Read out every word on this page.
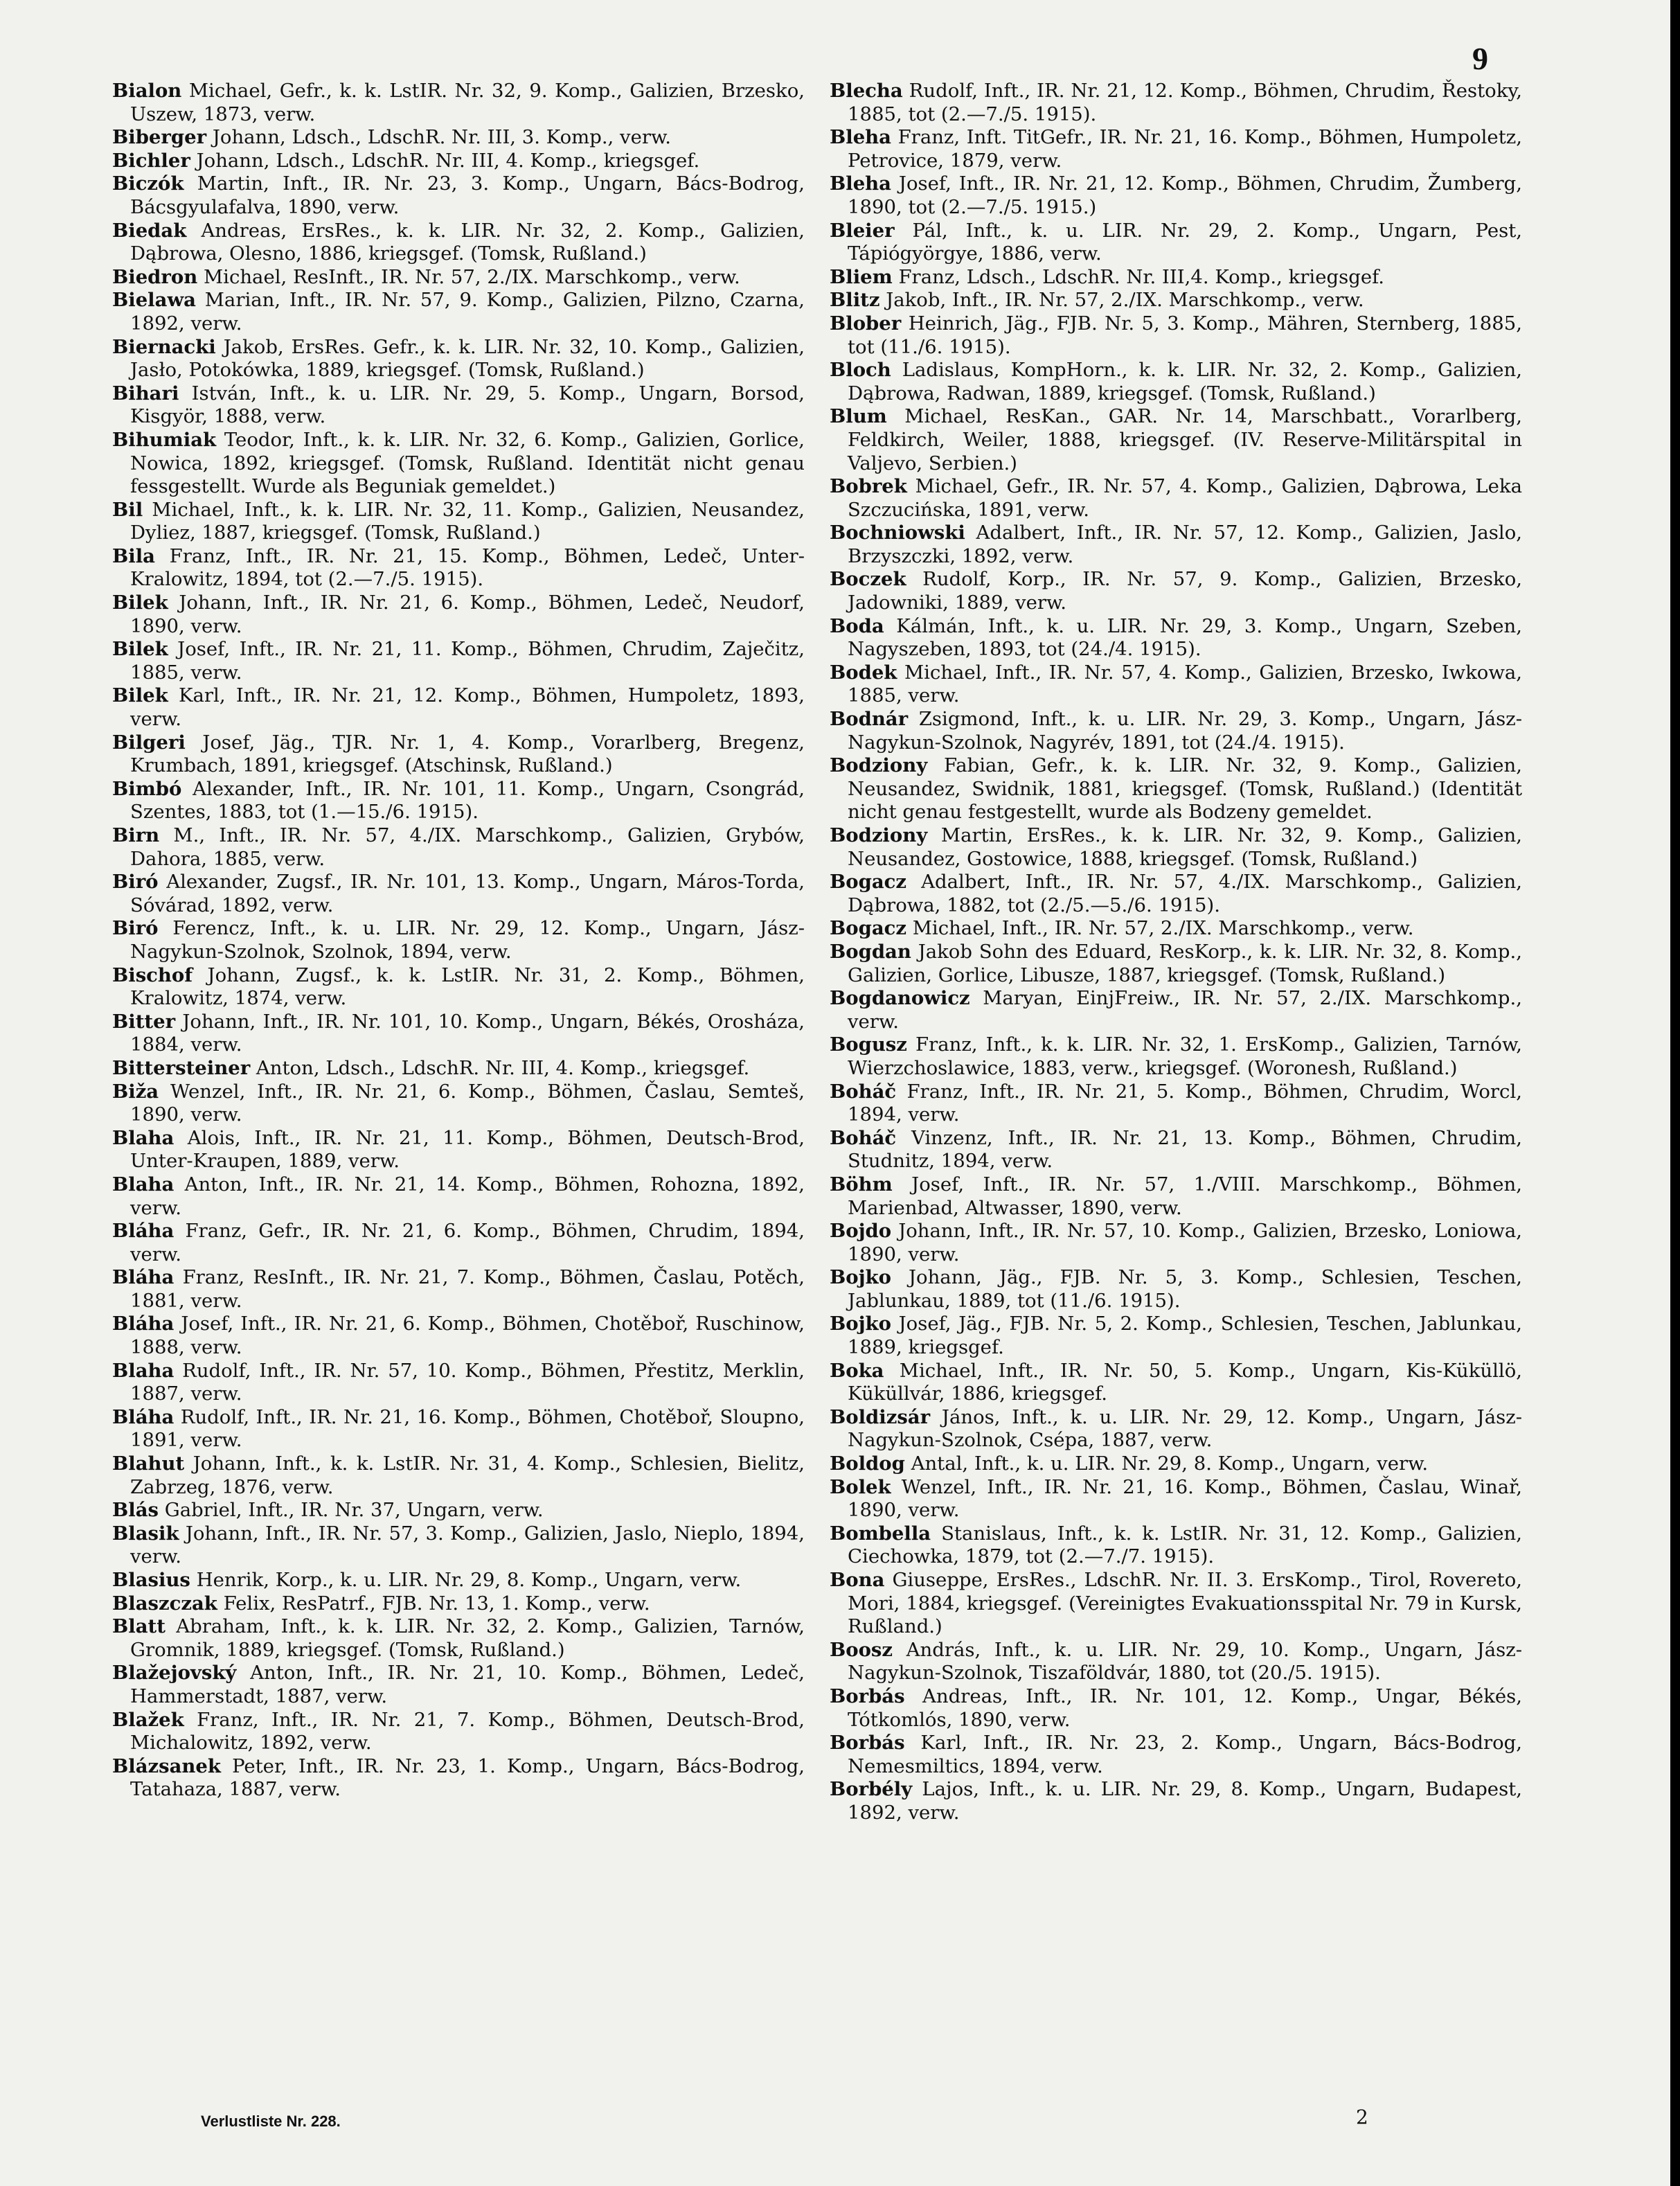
9
Bialon Michael, Gefr., k. k. LstIR. Nr. 32, 9. Komp., Galizien, Brzesko, Uszew, 1873, verw.
Biberger Johann, Ldsch., LdschR. Nr. III, 3. Komp., verw.
Bichler Johann, Ldsch., LdschR. Nr. III, 4. Komp., kriegsgef.
Biczók Martin, Inft., IR. Nr. 23, 3. Komp., Ungarn, Bács-Bodrog, Bácsgyulafalva, 1890, verw.
Biedak Andreas, ErsRes., k. k. LIR. Nr. 32, 2. Komp., Galizien, Dąbrowa, Olesno, 1886, kriegsgef. (Tomsk, Rußland.)
Biedron Michael, ResInft., IR. Nr. 57, 2./IX. Marschkomp., verw.
Bielawa Marian, Inft., IR. Nr. 57, 9. Komp., Galizien, Pilzno, Czarna, 1892, verw.
Biernacki Jakob, ErsRes. Gefr., k. k. LIR. Nr. 32, 10. Komp., Galizien, Jasło, Potokówka, 1889, kriegsgef. (Tomsk, Rußland.)
Bihari István, Inft., k. u. LIR. Nr. 29, 5. Komp., Ungarn, Borsod, Kisgyör, 1888, verw.
Bihumiak Teodor, Inft., k. k. LIR. Nr. 32, 6. Komp., Galizien, Gorlice, Nowica, 1892, kriegsgef. (Tomsk, Rußland. Identität nicht genau fessgestellt. Wurde als Beguniak gemeldet.)
Bil Michael, Inft., k. k. LIR. Nr. 32, 11. Komp., Galizien, Neusandez, Dyliez, 1887, kriegsgef. (Tomsk, Rußland.)
Bila Franz, Inft., IR. Nr. 21, 15. Komp., Böhmen, Ledeč, Unter-Kralowitz, 1894, tot (2.—7./5. 1915).
Bilek Johann, Inft., IR. Nr. 21, 6. Komp., Böhmen, Ledeč, Neudorf, 1890, verw.
Bilek Josef, Inft., IR. Nr. 21, 11. Komp., Böhmen, Chrudim, Zaječitz, 1885, verw.
Bilek Karl, Inft., IR. Nr. 21, 12. Komp., Böhmen, Humpoletz, 1893, verw.
Bilgeri Josef, Jäg., TJR. Nr. 1, 4. Komp., Vorarlberg, Bregenz, Krumbach, 1891, kriegsgef. (Atschinsk, Rußland.)
Bimbó Alexander, Inft., IR. Nr. 101, 11. Komp., Ungarn, Csongrád, Szentes, 1883, tot (1.—15./6. 1915).
Birn M., Inft., IR. Nr. 57, 4./IX. Marschkomp., Galizien, Grybów, Dahora, 1885, verw.
Biró Alexander, Zugsf., IR. Nr. 101, 13. Komp., Ungarn, Máros-Torda, Sóvárad, 1892, verw.
Biró Ferencz, Inft., k. u. LIR. Nr. 29, 12. Komp., Ungarn, Jász-Nagykun-Szolnok, Szolnok, 1894, verw.
Bischof Johann, Zugsf., k. k. LstIR. Nr. 31, 2. Komp., Böhmen, Kralowitz, 1874, verw.
Bitter Johann, Inft., IR. Nr. 101, 10. Komp., Ungarn, Békés, Orosháza, 1884, verw.
Bittersteiner Anton, Ldsch., LdschR. Nr. III, 4. Komp., kriegsgef.
Biža Wenzel, Inft., IR. Nr. 21, 6. Komp., Böhmen, Časlau, Semteš, 1890, verw.
Blaha Alois, Inft., IR. Nr. 21, 11. Komp., Böhmen, Deutsch-Brod, Unter-Kraupen, 1889, verw.
Blaha Anton, Inft., IR. Nr. 21, 14. Komp., Böhmen, Rohozna, 1892, verw.
Bláha Franz, Gefr., IR. Nr. 21, 6. Komp., Böhmen, Chrudim, 1894, verw.
Bláha Franz, ResInft., IR. Nr. 21, 7. Komp., Böhmen, Časlau, Potěch, 1881, verw.
Bláha Josef, Inft., IR. Nr. 21, 6. Komp., Böhmen, Chotěboř, Ruschinow, 1888, verw.
Blaha Rudolf, Inft., IR. Nr. 57, 10. Komp., Böhmen, Přestitz, Merklin, 1887, verw.
Bláha Rudolf, Inft., IR. Nr. 21, 16. Komp., Böhmen, Chotěboř, Sloupno, 1891, verw.
Blahut Johann, Inft., k. k. LstIR. Nr. 31, 4. Komp., Schlesien, Bielitz, Zabrzeg, 1876, verw.
Blás Gabriel, Inft., IR. Nr. 37, Ungarn, verw.
Blasik Johann, Inft., IR. Nr. 57, 3. Komp., Galizien, Jaslo, Nieplo, 1894, verw.
Blasius Henrik, Korp., k. u. LIR. Nr. 29, 8. Komp., Ungarn, verw.
Blaszczak Felix, ResPatrf., FJB. Nr. 13, 1. Komp., verw.
Blatt Abraham, Inft., k. k. LIR. Nr. 32, 2. Komp., Galizien, Tarnów, Gromnik, 1889, kriegsgef. (Tomsk, Rußland.)
Blažejovský Anton, Inft., IR. Nr. 21, 10. Komp., Böhmen, Ledeč, Hammerstadt, 1887, verw.
Blažek Franz, Inft., IR. Nr. 21, 7. Komp., Böhmen, Deutsch-Brod, Michalowitz, 1892, verw.
Blázsanek Peter, Inft., IR. Nr. 23, 1. Komp., Ungarn, Bács-Bodrog, Tatahaza, 1887, verw.
Blecha Rudolf, Inft., IR. Nr. 21, 12. Komp., Böhmen, Chrudim, Řestoky, 1885, tot (2.—7./5. 1915).
Bleha Franz, Inft. TitGefr., IR. Nr. 21, 16. Komp., Böhmen, Humpoletz, Petrovice, 1879, verw.
Bleha Josef, Inft., IR. Nr. 21, 12. Komp., Böhmen, Chrudim, Žumberg, 1890, tot (2.—7./5. 1915.)
Bleier Pál, Inft., k. u. LIR. Nr. 29, 2. Komp., Ungarn, Pest, Tápiógyörgye, 1886, verw.
Bliem Franz, Ldsch., LdschR. Nr. III,4. Komp., kriegsgef.
Blitz Jakob, Inft., IR. Nr. 57, 2./IX. Marschkomp., verw.
Blober Heinrich, Jäg., FJB. Nr. 5, 3. Komp., Mähren, Sternberg, 1885, tot (11./6. 1915).
Bloch Ladislaus, KompHorn., k. k. LIR. Nr. 32, 2. Komp., Galizien, Dąbrowa, Radwan, 1889, kriegsgef. (Tomsk, Rußland.)
Blum Michael, ResKan., GAR. Nr. 14, Marschbatt., Vorarlberg, Feldkirch, Weiler, 1888, kriegsgef. (IV. Reserve-Militärspital in Valjevo, Serbien.)
Bobrek Michael, Gefr., IR. Nr. 57, 4. Komp., Galizien, Dąbrowa, Leka Szczucińska, 1891, verw.
Bochniowski Adalbert, Inft., IR. Nr. 57, 12. Komp., Galizien, Jaslo, Brzyszczki, 1892, verw.
Boczek Rudolf, Korp., IR. Nr. 57, 9. Komp., Galizien, Brzesko, Jadowniki, 1889, verw.
Boda Kálmán, Inft., k. u. LIR. Nr. 29, 3. Komp., Ungarn, Szeben, Nagyszeben, 1893, tot (24./4. 1915).
Bodek Michael, Inft., IR. Nr. 57, 4. Komp., Galizien, Brzesko, Iwkowa, 1885, verw.
Bodnár Zsigmond, Inft., k. u. LIR. Nr. 29, 3. Komp., Ungarn, Jász-Nagykun-Szolnok, Nagyrév, 1891, tot (24./4. 1915).
Bodziony Fabian, Gefr., k. k. LIR. Nr. 32, 9. Komp., Galizien, Neusandez, Swidnik, 1881, kriegsgef. (Tomsk, Rußland.) (Identität nicht genau festgestellt, wurde als Bodzeny gemeldet.
Bodziony Martin, ErsRes., k. k. LIR. Nr. 32, 9. Komp., Galizien, Neusandez, Gostowice, 1888, kriegsgef. (Tomsk, Rußland.)
Bogacz Adalbert, Inft., IR. Nr. 57, 4./IX. Marschkomp., Galizien, Dąbrowa, 1882, tot (2./5.—5./6. 1915).
Bogacz Michael, Inft., IR. Nr. 57, 2./IX. Marschkomp., verw.
Bogdan Jakob Sohn des Eduard, ResKorp., k. k. LIR. Nr. 32, 8. Komp., Galizien, Gorlice, Libusze, 1887, kriegsgef. (Tomsk, Rußland.)
Bogdanowicz Maryan, EinjFreiw., IR. Nr. 57, 2./IX. Marschkomp., verw.
Bogusz Franz, Inft., k. k. LIR. Nr. 32, 1. ErsKomp., Galizien, Tarnów, Wierzchoslawice, 1883, verw., kriegsgef. (Woronesh, Rußland.)
Boháč Franz, Inft., IR. Nr. 21, 5. Komp., Böhmen, Chrudim, Worcl, 1894, verw.
Boháč Vinzenz, Inft., IR. Nr. 21, 13. Komp., Böhmen, Chrudim, Studnitz, 1894, verw.
Böhm Josef, Inft., IR. Nr. 57, 1./VIII. Marschkomp., Böhmen, Marienbad, Altwasser, 1890, verw.
Bojdo Johann, Inft., IR. Nr. 57, 10. Komp., Galizien, Brzesko, Loniowa, 1890, verw.
Bojko Johann, Jäg., FJB. Nr. 5, 3. Komp., Schlesien, Teschen, Jablunkau, 1889, tot (11./6. 1915).
Bojko Josef, Jäg., FJB. Nr. 5, 2. Komp., Schlesien, Teschen, Jablunkau, 1889, kriegsgef.
Boka Michael, Inft., IR. Nr. 50, 5. Komp., Ungarn, Kis-Küküllö, Küküllvár, 1886, kriegsgef.
Boldizsár János, Inft., k. u. LIR. Nr. 29, 12. Komp., Ungarn, Jász-Nagykun-Szolnok, Csépa, 1887, verw.
Boldog Antal, Inft., k. u. LIR. Nr. 29, 8. Komp., Ungarn, verw.
Bolek Wenzel, Inft., IR. Nr. 21, 16. Komp., Böhmen, Časlau, Winař, 1890, verw.
Bombella Stanislaus, Inft., k. k. LstIR. Nr. 31, 12. Komp., Galizien, Ciechowka, 1879, tot (2.—7./7. 1915).
Bona Giuseppe, ErsRes., LdschR. Nr. II. 3. ErsKomp., Tirol, Rovereto, Mori, 1884, kriegsgef. (Vereinigtes Evakuationsspital Nr. 79 in Kursk, Rußland.)
Boosz András, Inft., k. u. LIR. Nr. 29, 10. Komp., Ungarn, Jász-Nagykun-Szolnok, Tiszaföldvár, 1880, tot (20./5. 1915).
Borbás Andreas, Inft., IR. Nr. 101, 12. Komp., Ungar, Békés, Tótkomlós, 1890, verw.
Borbás Karl, Inft., IR. Nr. 23, 2. Komp., Ungarn, Bács-Bodrog, Nemesmiltics, 1894, verw.
Borbély Lajos, Inft., k. u. LIR. Nr. 29, 8. Komp., Ungarn, Budapest, 1892, verw.
Verlustliste Nr. 228.	2
